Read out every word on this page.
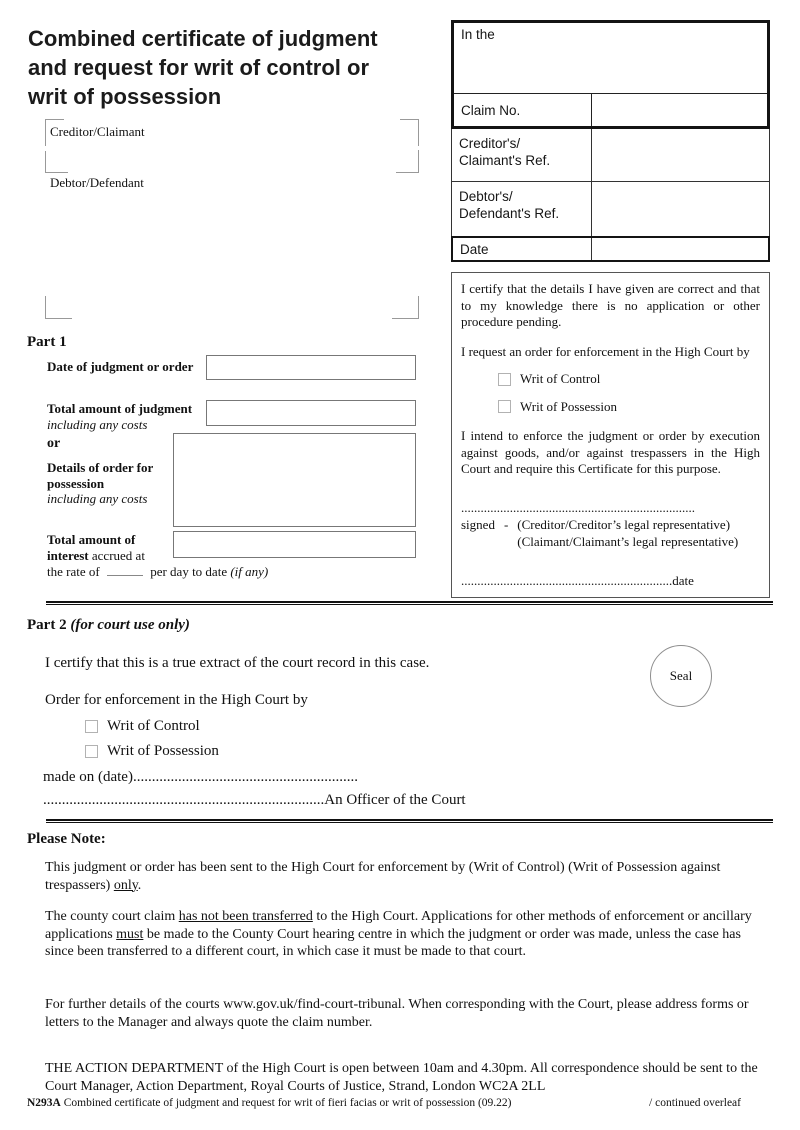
Combined certificate of judgment
and request for writ of control or
writ of possession
Creditor/Claimant
Debtor/Defendant
In the
Claim No.
Creditor's/
Claimant's Ref.
Debtor's/
Defendant's Ref.
Date
Part 1
Date of judgment or order
Total amount of judgment
including any costs
or
Details of order for
possession
including any costs
Total amount of
interest accrued at
the rate of	per day to date (if any)

I certify that the details I have given are correct and that to my knowledge there is no application or other procedure pending.

I request an order for enforcement in the High Court by

Writ of Control
Writ of Possession

I intend to enforce the judgment or order by execution against goods, and/or against trespassers in the High Court and require this Certificate for this purpose.

........................................................................
signed - (Creditor/Creditor’s legal representative)
(Claimant/Claimant’s legal representative)
.................................................................date
Part 2 (for court use only)
I certify that this is a true extract of the court record in this case.
Order for enforcement in the High Court by
Writ of Control
Writ of Possession
made on (date)............................................................
...........................................................................An Officer of the Court
Seal
Please Note:

This judgment or order has been sent to the High Court for enforcement by (Writ of Control) (Writ of Possession against trespassers) only.

The county court claim has not been transferred to the High Court. Applications for other methods of enforcement or ancillary applications must be made to the County Court hearing centre in which the judgment or order was made, unless the case has since been transferred to a different court, in which case it must be made to that court.

For further details of the courts www.gov.uk/find-court-tribunal. When corresponding with the Court, please address forms or letters to the Manager and always quote the claim number.

THE ACTION DEPARTMENT of the High Court is open between 10am and 4.30pm. All correspondence should be sent to the Court Manager, Action Department, Royal Courts of Justice, Strand, London WC2A 2LL

N293A Combined certificate of judgment and request for writ of fieri facias or writ of possession (09.22)	/ continued overleaf
